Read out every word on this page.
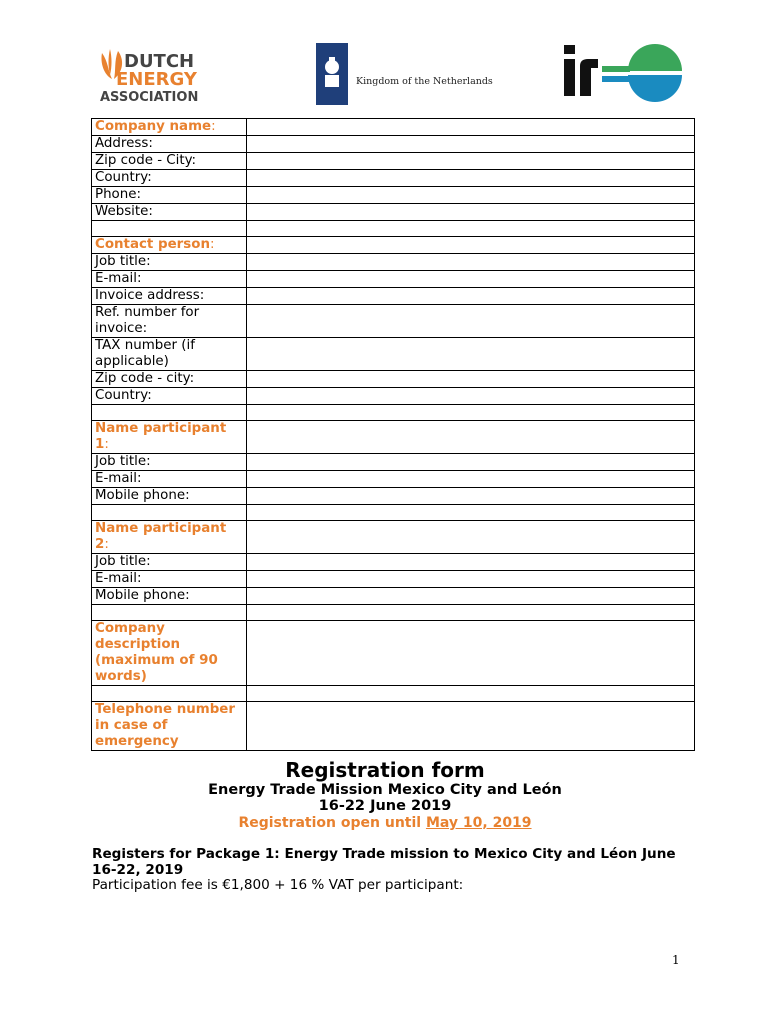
DUTCH
ENERGY
ASSOCIATION
Kingdom of the Netherlands
iRO
Company name:	
Address:	
Zip code - City:	
Country:	
Phone:	
Website:	

Contact person:	
Job title:	
E-mail:	
Invoice address:	
Ref. number for invoice:	
TAX number (if applicable)	
Zip code - city:	
Country:	

Name participant 1:	
Job title:	
E-mail:	
Mobile phone:	

Name participant 2:	
Job title:	
E-mail:	
Mobile phone:	

Company description (maximum of 90 words)	

Telephone number in case of emergency	
Registration form
Energy Trade Mission Mexico City and León
16-22 June 2019
Registration open until May 10, 2019
Registers for Package 1: Energy Trade mission to Mexico City and Léon June 16-22, 2019
Participation fee is €1,800 + 16 % VAT per participant:
1
